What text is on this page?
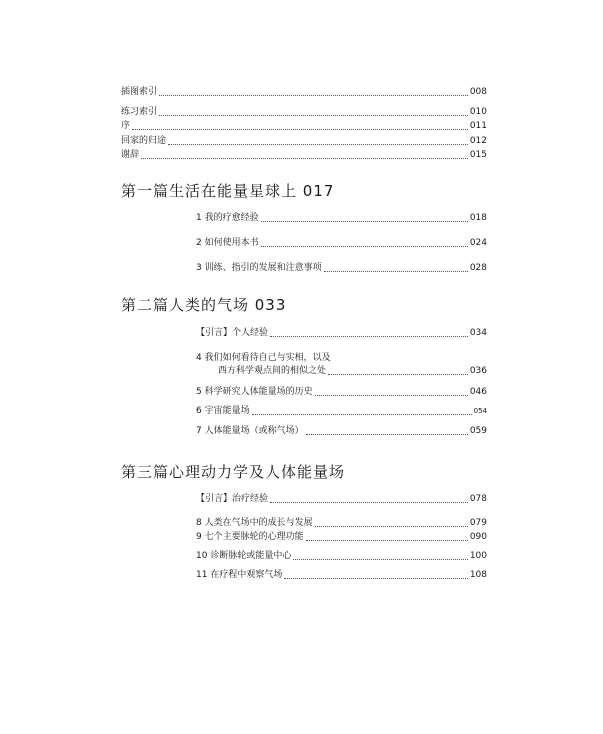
插图索引	008
练习索引	010
序	011
回家的归途	012
谢辞	015
第一篇生活在能量星球上 017
1 我的疗愈经验	018
2 如何使用本书	024
3 训练、指引的发展和注意事项	028
第二篇人类的气场 033
【引言】个人经验	034
4 我们如何看待自己与实相，以及
西方科学观点间的相似之处	036
5 科学研究人体能量场的历史	046
6 宇宙能量场	054
7 人体能量场（或称气场）	059
第三篇心理动力学及人体能量场
【引言】治疗经验	078
8 人类在气场中的成长与发展	079
9 七个主要脉轮的心理功能	090
10 诊断脉轮或能量中心	100
11 在疗程中观察气场	108
